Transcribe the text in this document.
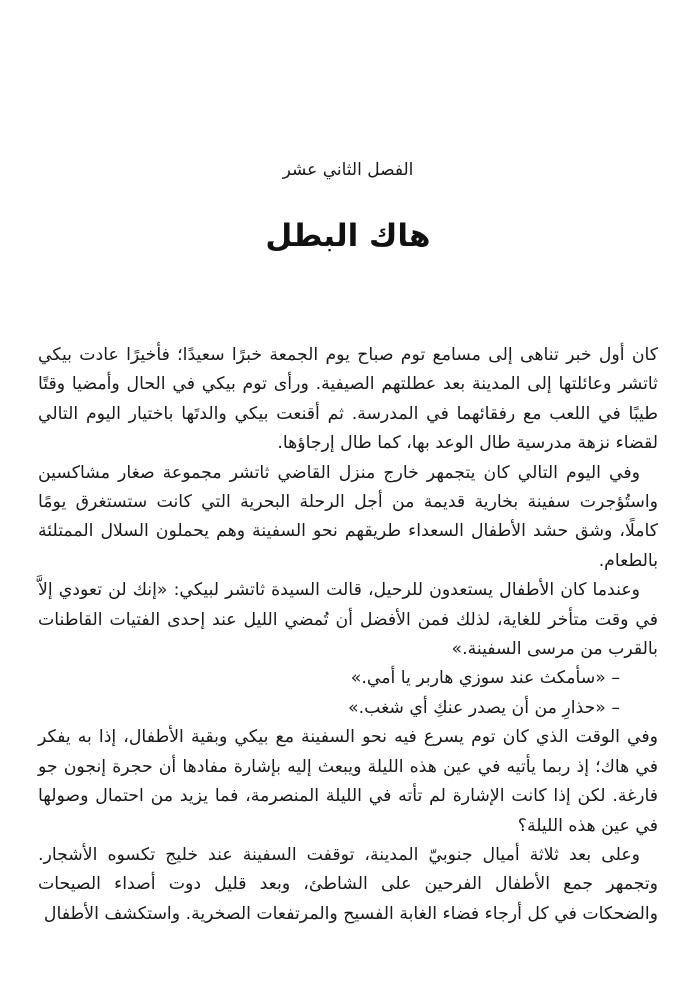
الفصل الثاني عشر
هاك البطل

كان أول خبر تناهى إلى مسامع توم صباح يوم الجمعة خبرًا سعيدًا؛ فأخيرًا عادت بيكي ثاتشر وعائلتها إلى المدينة بعد عطلتهم الصيفية. ورأى توم بيكي في الحال وأمضيا وقتًا طيبًا في اللعب مع رفقائهما في المدرسة. ثم أقنعت بيكي والدتَها باختيار اليوم التالي لقضاء نزهة مدرسية طال الوعد بها، كما طال إرجاؤها.

وفي اليوم التالي كان يتجمهر خارج منزل القاضي ثاتشر مجموعة صغار مشاكسين واستُؤجرت سفينة بخارية قديمة من أجل الرحلة البحرية التي كانت ستستغرق يومًا كاملًا، وشق حشد الأطفال السعداء طريقهم نحو السفينة وهم يحملون السلال الممتلئة بالطعام.

وعندما كان الأطفال يستعدون للرحيل، قالت السيدة ثاتشر لبيكي: «إنك لن تعودي إلاَّ في وقت متأخر للغاية، لذلك فمن الأفضل أن تُمضي الليل عند إحدى الفتيات القاطنات بالقرب من مرسى السفينة.»

– «سأمكث عند سوزي هاربر يا أمي.»

– «حذارِ من أن يصدر عنكِ أي شغب.»

وفي الوقت الذي كان توم يسرع فيه نحو السفينة مع بيكي وبقية الأطفال، إذا به يفكر في هاك؛ إذ ربما يأتيه في عين هذه الليلة ويبعث إليه بإشارة مفادها أن حجرة إنجون جو فارغة. لكن إذا كانت الإشارة لم تأته في الليلة المنصرمة، فما يزيد من احتمال وصولها في عين هذه الليلة؟

وعلى بعد ثلاثة أميال جنوبيّ المدينة، توقفت السفينة عند خليج تكسوه الأشجار. وتجمهر جمع الأطفال الفرحين على الشاطئ، وبعد قليل دوت أصداء الصيحات والضحكات في كل أرجاء فضاء الغابة الفسيح والمرتفعات الصخرية. واستكشف الأطفال
